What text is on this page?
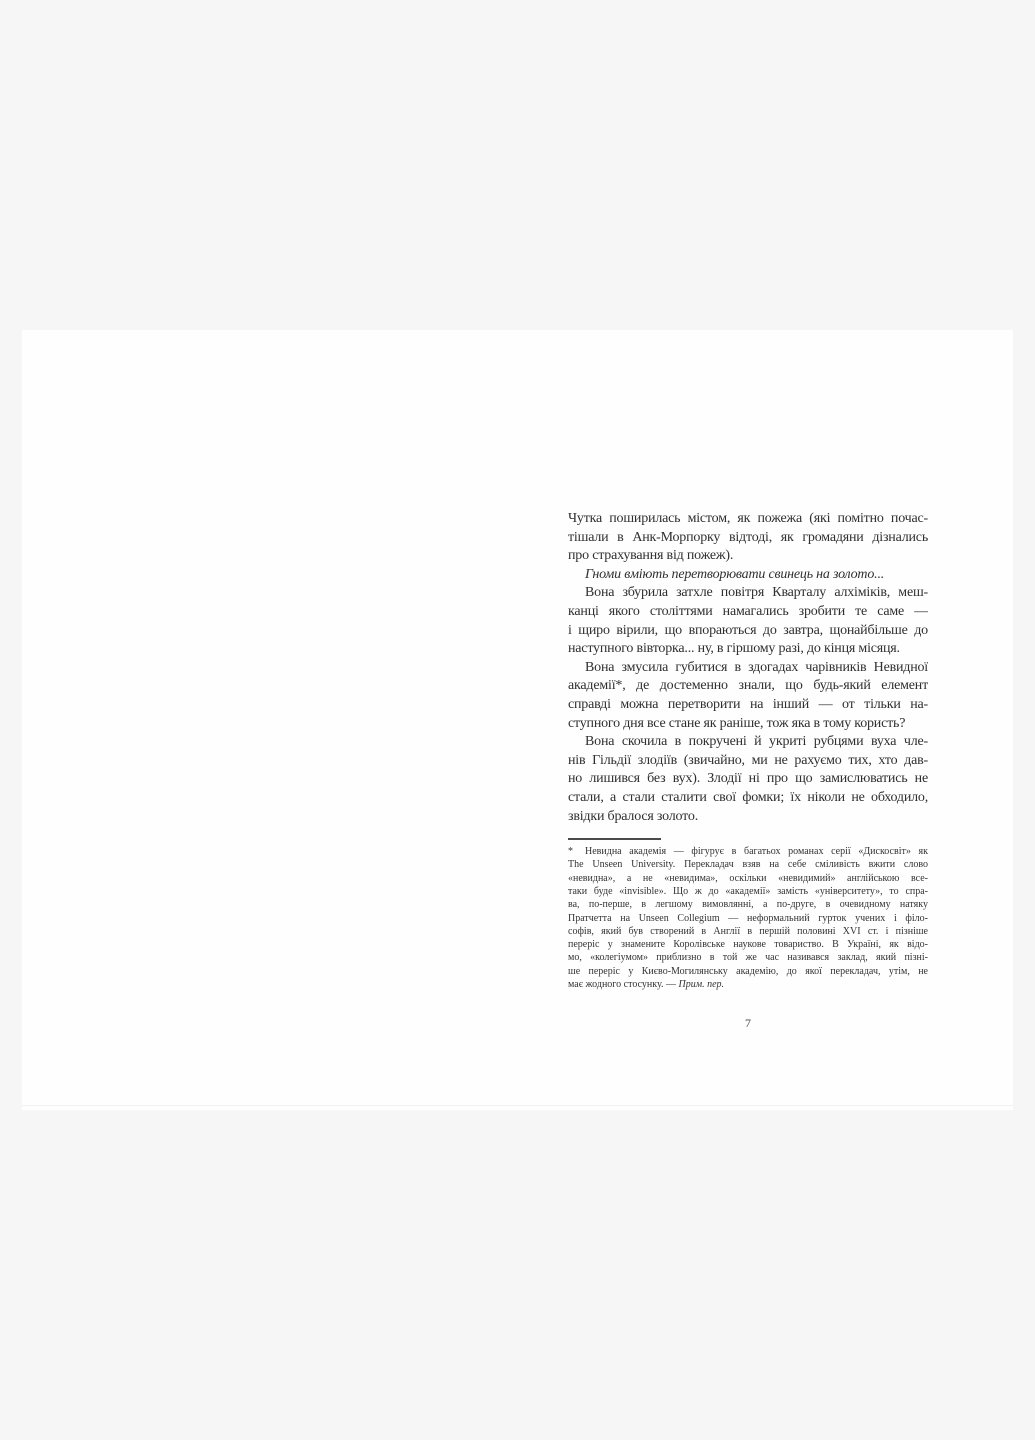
Чутка поширилась містом, як пожежа (які помітно почас-
тішали в Анк-Морпорку відтоді, як громадяни дізнались
про страхування від пожеж).
Гноми вміють перетворювати свинець на золото...
Вона збурила затхле повітря Кварталу алхіміків, меш-
канці якого століттями намагались зробити те саме —
і щиро вірили, що впораються до завтра, щонайбільше до
наступного вівторка... ну, в гіршому разі, до кінця місяця.
Вона змусила губитися в здогадах чарівників Невидної
академії*, де достеменно знали, що будь-який елемент
справді можна перетворити на інший — от тільки на-
ступного дня все стане як раніше, тож яка в тому користь?
Вона скочила в покручені й укриті рубцями вуха чле-
нів Гільдії злодіїв (звичайно, ми не рахуємо тих, хто дав-
но лишився без вух). Злодії ні про що замислюватись не
стали, а стали сталити свої фомки; їх ніколи не обходило,
звідки бралося золото.
* Невидна академія — фігурує в багатьох романах серії «Дискосвіт» як
The Unseen University. Перекладач взяв на себе сміливість вжити слово
«невидна», а не «невидима», оскільки «невидимий» англійською все-
таки буде «invisible». Що ж до «академії» замість «університету», то спра-
ва, по-перше, в легшому вимовлянні, а по-друге, в очевидному натяку
Пратчетта на Unseen Collegium — неформальний гурток учених і філо-
софів, який був створений в Англії в першій половині XVI ст. і пізніше
переріс у знамените Королівське наукове товариство. В Україні, як відо-
мо, «колегіумом» приблизно в той же час називався заклад, який пізні-
ше переріс у Києво-Могилянську академію, до якої перекладач, утім, не
має жодного стосунку. — Прим. пер.
7
